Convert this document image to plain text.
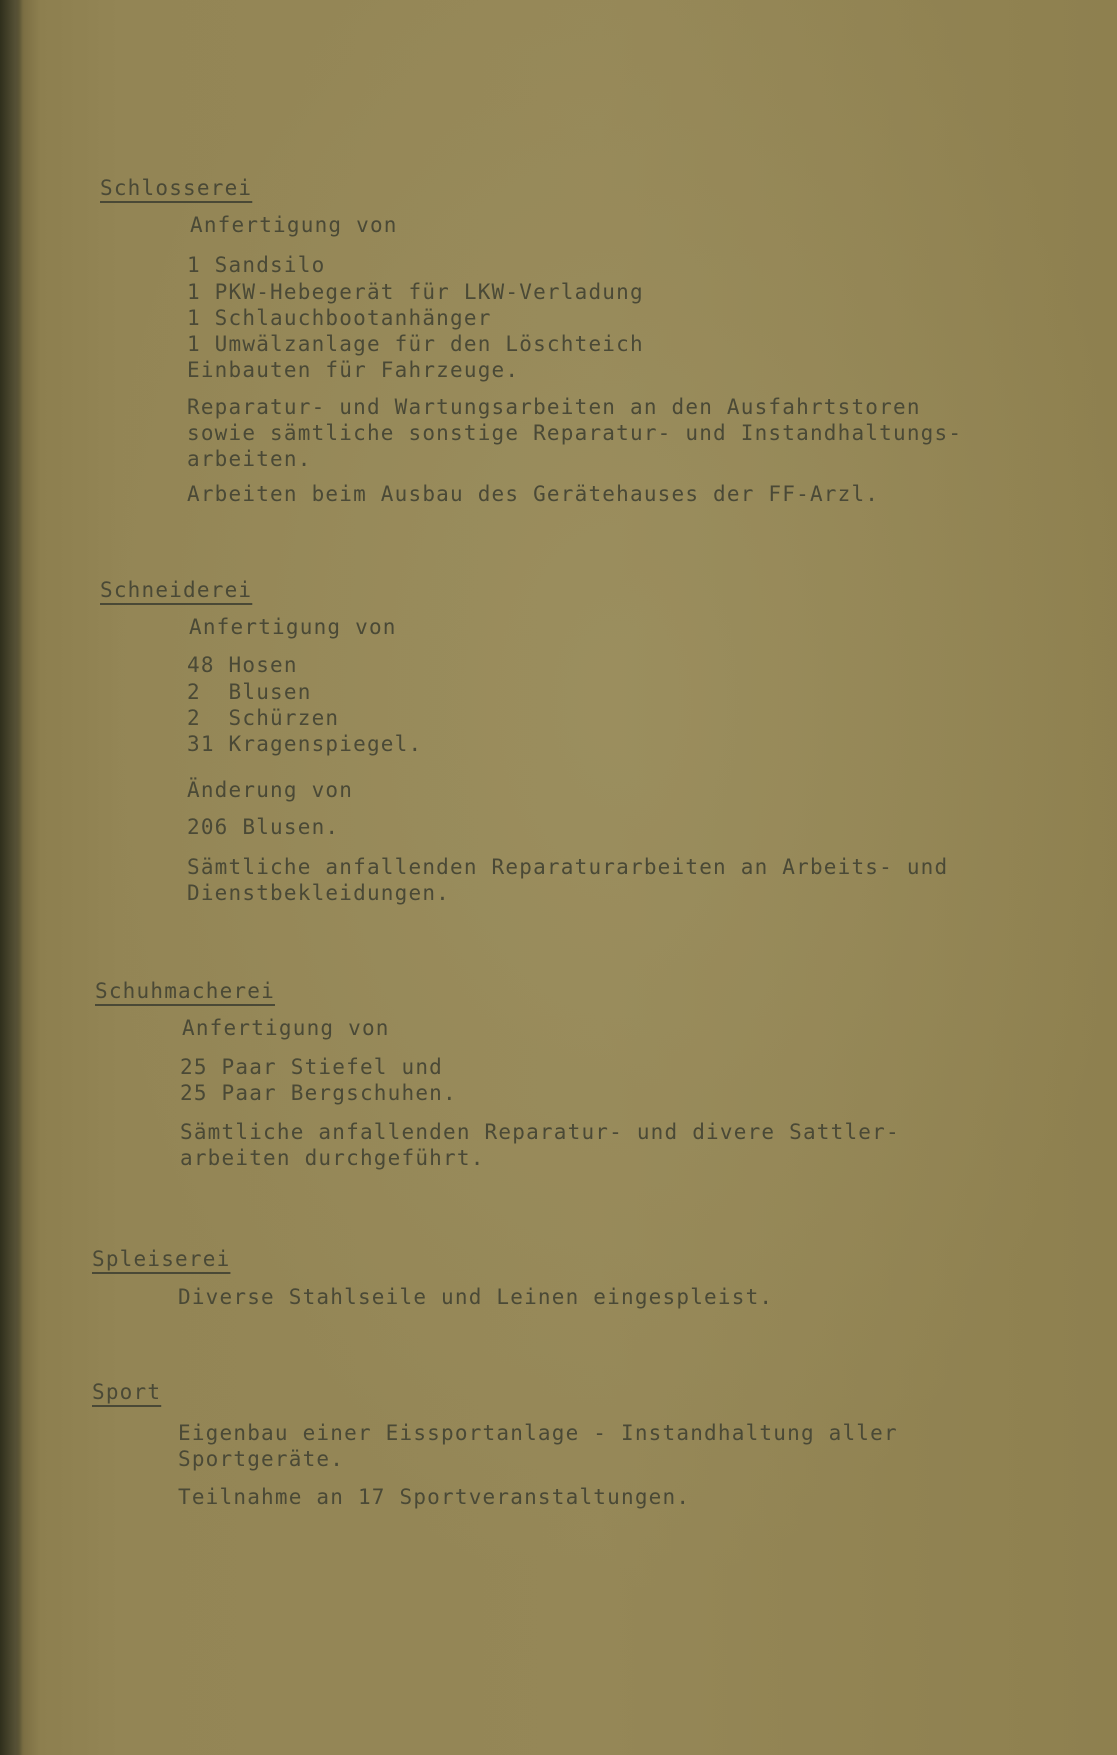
Schlosserei
Anfertigung von
1 Sandsilo
1 PKW-Hebegerät für LKW-Verladung
1 Schlauchbootanhänger
1 Umwälzanlage für den Löschteich
Einbauten für Fahrzeuge.
Reparatur- und Wartungsarbeiten an den Ausfahrtstoren
sowie sämtliche sonstige Reparatur- und Instandhaltungs-
arbeiten.
Arbeiten beim Ausbau des Gerätehauses der FF-Arzl.
Schneiderei
Anfertigung von
48 Hosen
2  Blusen
2  Schürzen
31 Kragenspiegel.
Änderung von
206 Blusen.
Sämtliche anfallenden Reparaturarbeiten an Arbeits- und
Dienstbekleidungen.
Schuhmacherei
Anfertigung von
25 Paar Stiefel und
25 Paar Bergschuhen.
Sämtliche anfallenden Reparatur- und divere Sattler-
arbeiten durchgeführt.
Spleiserei
Diverse Stahlseile und Leinen eingespleist.
Sport
Eigenbau einer Eissportanlage - Instandhaltung aller
Sportgeräte.
Teilnahme an 17 Sportveranstaltungen.
